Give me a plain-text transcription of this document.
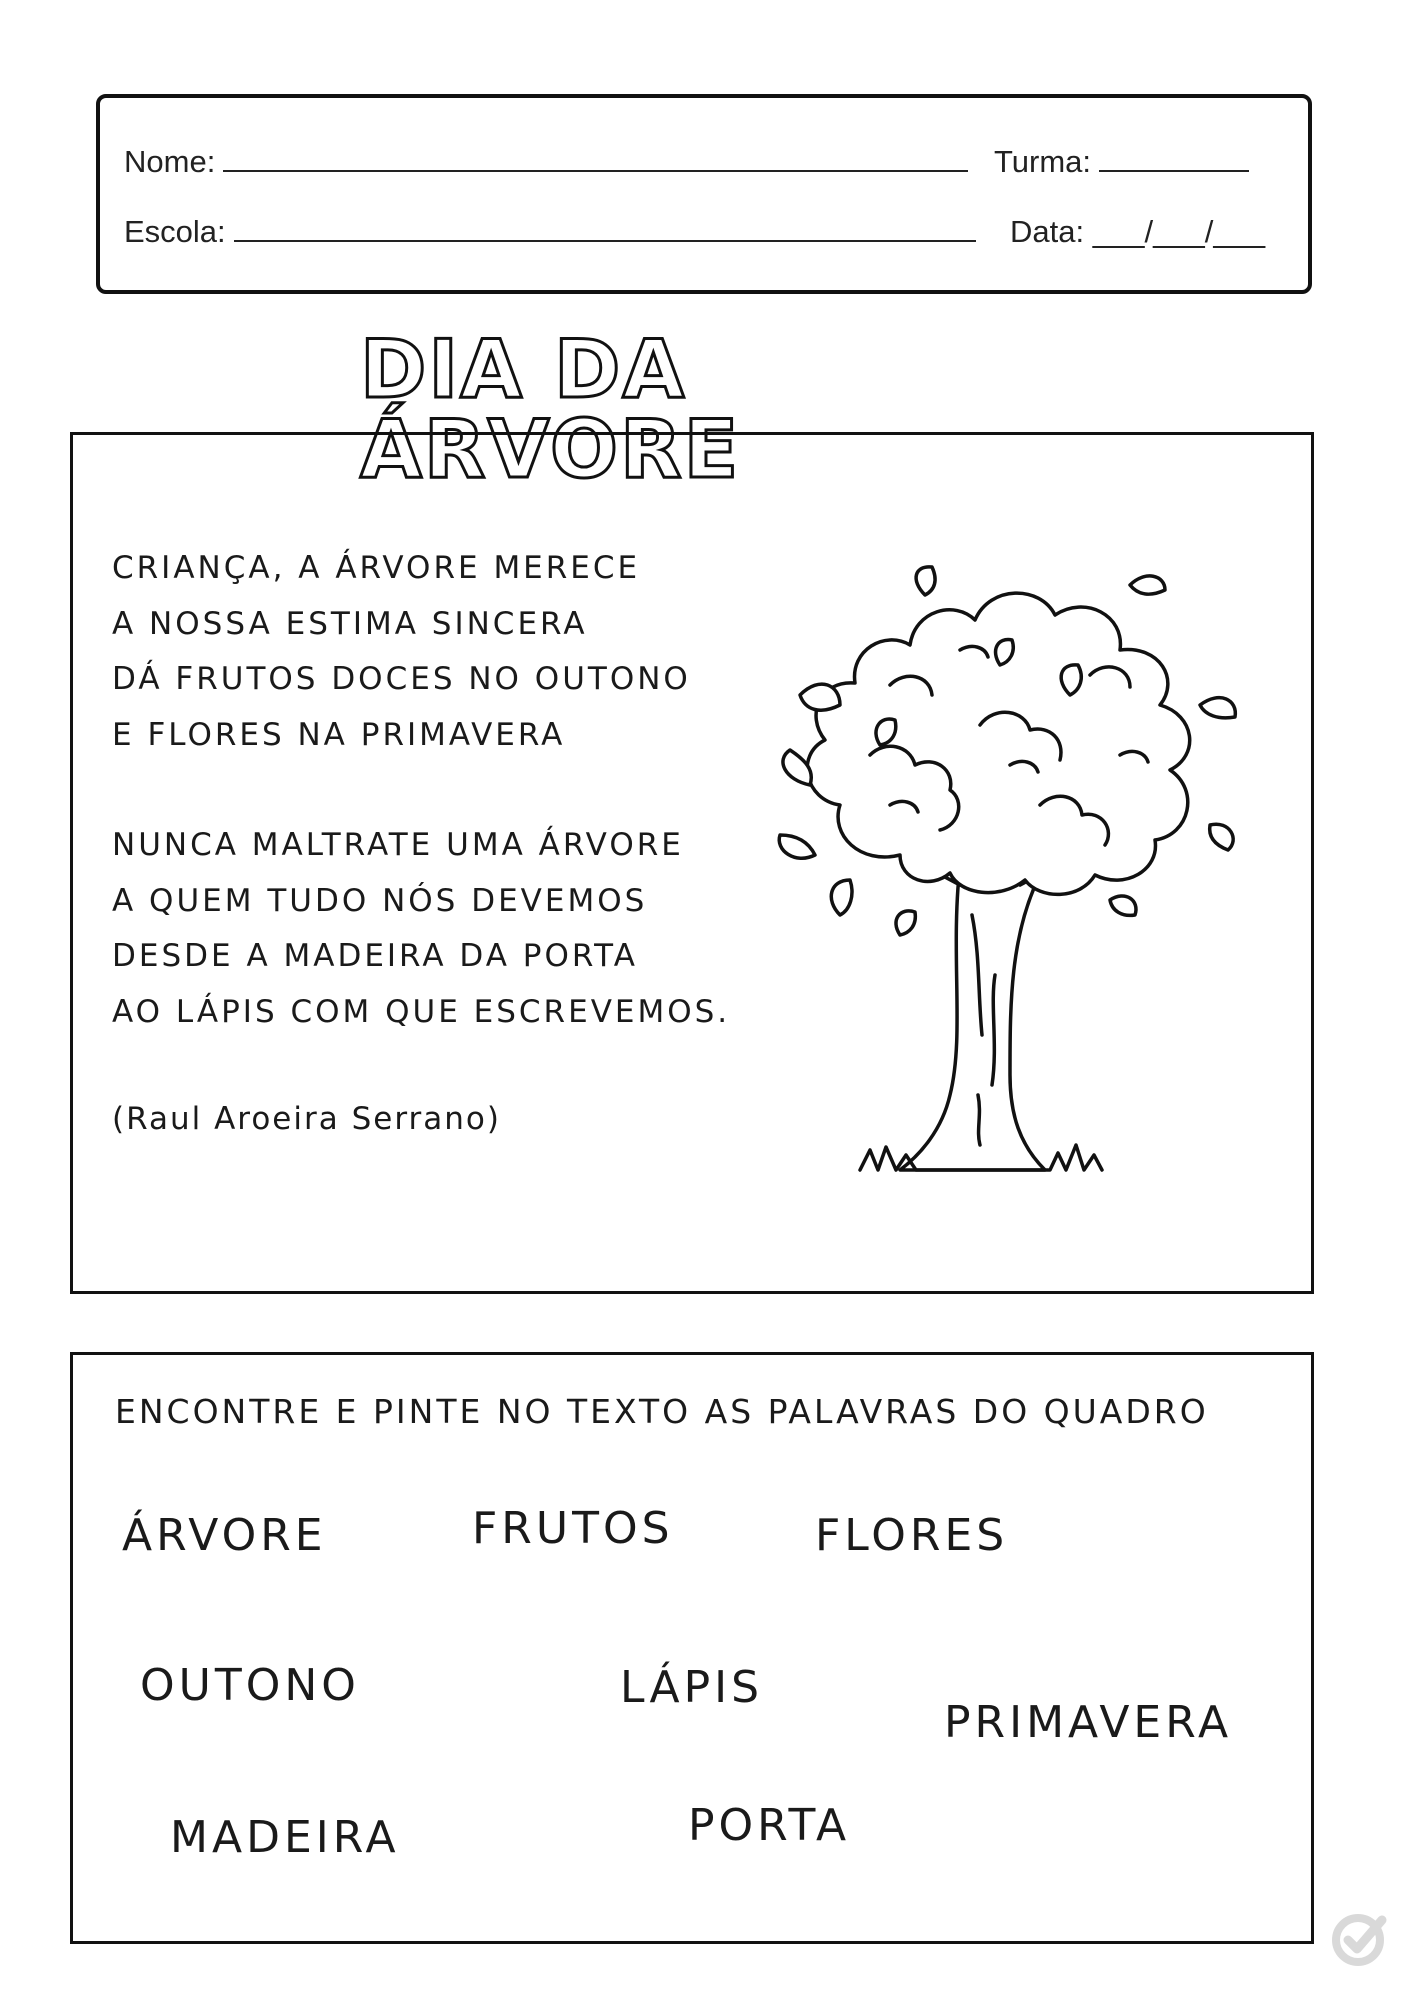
Nome:	Turma:
Escola:	Data: ___/___/___
DIA DA ÁRVORE
CRIANÇA, A ÁRVORE MERECE
A NOSSA ESTIMA SINCERA
DÁ FRUTOS DOCES NO OUTONO
E FLORES NA PRIMAVERA
NUNCA MALTRATE UMA ÁRVORE
A QUEM TUDO NÓS DEVEMOS
DESDE A MADEIRA DA PORTA
AO LÁPIS COM QUE ESCREVEMOS.
(Raul Aroeira Serrano)
ENCONTRE E PINTE NO TEXTO AS PALAVRAS DO QUADRO
ÁRVORE	FRUTOS	FLORES
OUTONO	LÁPIS
PRIMAVERA
MADEIRA	PORTA
